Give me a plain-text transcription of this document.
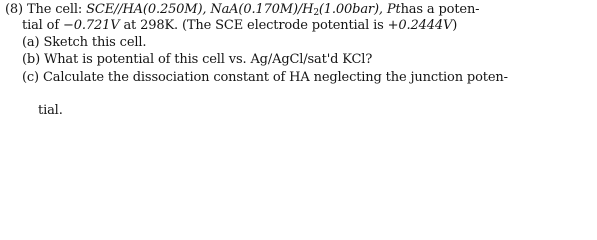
(8) The cell: SCE//HA(0.250M), $NaA(0.170M)/H_2(1.00bar)$, Pthas a poten-
tial of −0.721V at 298K. (The SCE electrode potential is +0.2444V)
(a) Sketch this cell.
(b) What is potential of this cell vs. Ag/AgCl/sat'd KCl?
(c) Calculate the dissociation constant of HA neglecting the junction poten-
tial.
